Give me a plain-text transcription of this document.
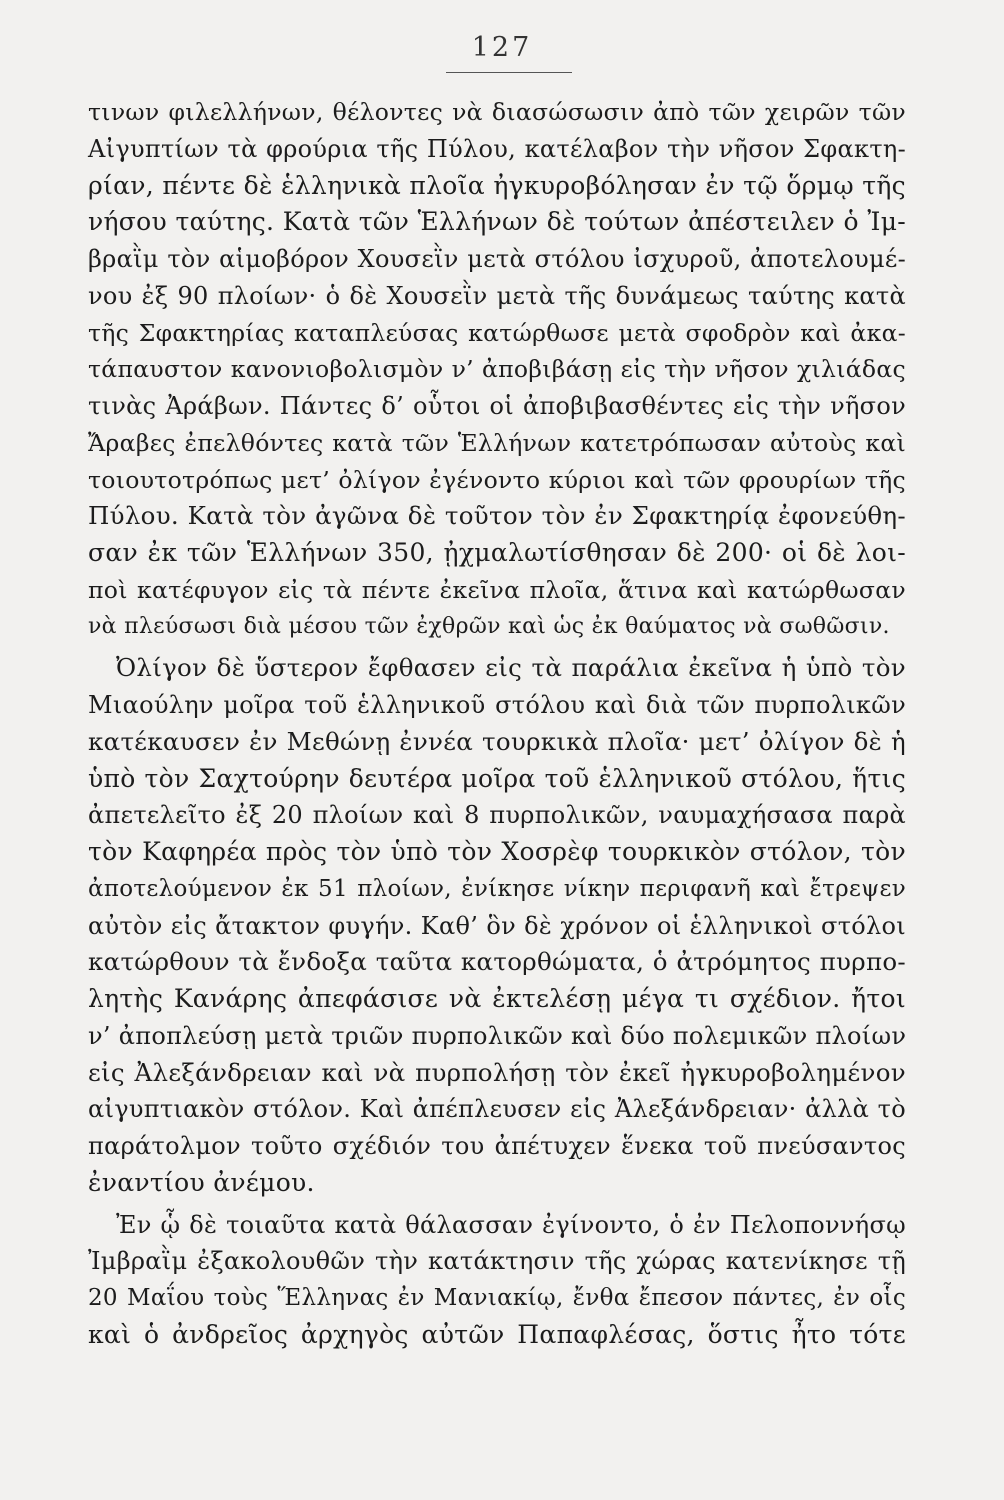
127
τινων φιλελλήνων, θέλοντες νὰ διασώσωσιν ἀπὸ τῶν χειρῶν τῶν
Αἰγυπτίων τὰ φρούρια τῆς Πύλου, κατέλαβον τὴν νῆσον Σφακτη-
ρίαν, πέντε δὲ ἑλληνικὰ πλοῖα ἠγκυροβόλησαν ἐν τῷ ὅρμῳ τῆς
νήσου ταύτης. Κατὰ τῶν Ἑλλήνων δὲ τούτων ἀπέστειλεν ὁ Ἰμ-
βραῒμ τὸν αἱμοβόρον Χουσεῒν μετὰ στόλου ἰσχυροῦ, ἀποτελουμέ-
νου ἐξ 90 πλοίων· ὁ δὲ Χουσεῒν μετὰ τῆς δυνάμεως ταύτης κατὰ
τῆς Σφακτηρίας καταπλεύσας κατώρθωσε μετὰ σφοδρὸν καὶ ἀκα-
τάπαυστον κανονιοβολισμὸν ν’ ἀποβιβάσῃ εἰς τὴν νῆσον χιλιάδας
τινὰς Ἀράβων. Πάντες δ’ οὗτοι οἱ ἀποβιβασθέντες εἰς τὴν νῆσον
Ἄραβες ἐπελθόντες κατὰ τῶν Ἑλλήνων κατετρόπωσαν αὐτοὺς καὶ
τοιουτοτρόπως μετ’ ὀλίγον ἐγένοντο κύριοι καὶ τῶν φρουρίων τῆς
Πύλου. Κατὰ τὸν ἀγῶνα δὲ τοῦτον τὸν ἐν Σφακτηρίᾳ ἐφονεύθη-
σαν ἐκ τῶν Ἑλλήνων 350, ᾐχμαλωτίσθησαν δὲ 200· οἱ δὲ λοι-
ποὶ κατέφυγον εἰς τὰ πέντε ἐκεῖνα πλοῖα, ἅτινα καὶ κατώρθωσαν
νὰ πλεύσωσι διὰ μέσου τῶν ἐχθρῶν καὶ ὡς ἐκ θαύματος νὰ σωθῶσιν.
Ὀλίγον δὲ ὕστερον ἔφθασεν εἰς τὰ παράλια ἐκεῖνα ἡ ὑπὸ τὸν
Μιαούλην μοῖρα τοῦ ἑλληνικοῦ στόλου καὶ διὰ τῶν πυρπολικῶν
κατέκαυσεν ἐν Μεθώνῃ ἐννέα τουρκικὰ πλοῖα· μετ’ ὀλίγον δὲ ἡ
ὑπὸ τὸν Σαχτούρην δευτέρα μοῖρα τοῦ ἑλληνικοῦ στόλου, ἥτις
ἀπετελεῖτο ἐξ 20 πλοίων καὶ 8 πυρπολικῶν, ναυμαχήσασα παρὰ
τὸν Καφηρέα πρὸς τὸν ὑπὸ τὸν Χοσρὲφ τουρκικὸν στόλον, τὸν
ἀποτελούμενον ἐκ 51 πλοίων, ἐνίκησε νίκην περιφανῆ καὶ ἔτρεψεν
αὐτὸν εἰς ἄτακτον φυγήν. Καθ’ ὃν δὲ χρόνον οἱ ἑλληνικοὶ στόλοι
κατώρθουν τὰ ἔνδοξα ταῦτα κατορθώματα, ὁ ἀτρόμητος πυρπο-
λητὴς Κανάρης ἀπεφάσισε νὰ ἐκτελέσῃ μέγα τι σχέδιον. ἤτοι
ν’ ἀποπλεύσῃ μετὰ τριῶν πυρπολικῶν καὶ δύο πολεμικῶν πλοίων
εἰς Ἀλεξάνδρειαν καὶ νὰ πυρπολήσῃ τὸν ἐκεῖ ἠγκυροβολημένον
αἰγυπτιακὸν στόλον. Καὶ ἀπέπλευσεν εἰς Ἀλεξάνδρειαν· ἀλλὰ τὸ
παράτολμον τοῦτο σχέδιόν του ἀπέτυχεν ἕνεκα τοῦ πνεύσαντος
ἐναντίου ἀνέμου.
Ἐν ᾧ δὲ τοιαῦτα κατὰ θάλασσαν ἐγίνοντο, ὁ ἐν Πελοποννήσῳ
Ἰμβραῒμ ἐξακολουθῶν τὴν κατάκτησιν τῆς χώρας κατενίκησε τῇ
20 Μαΐου τοὺς Ἕλληνας ἐν Μανιακίῳ, ἔνθα ἔπεσον πάντες, ἐν οἷς
καὶ ὁ ἀνδρεῖος ἀρχηγὸς αὐτῶν Παπαφλέσας, ὅστις ἦτο τότε
